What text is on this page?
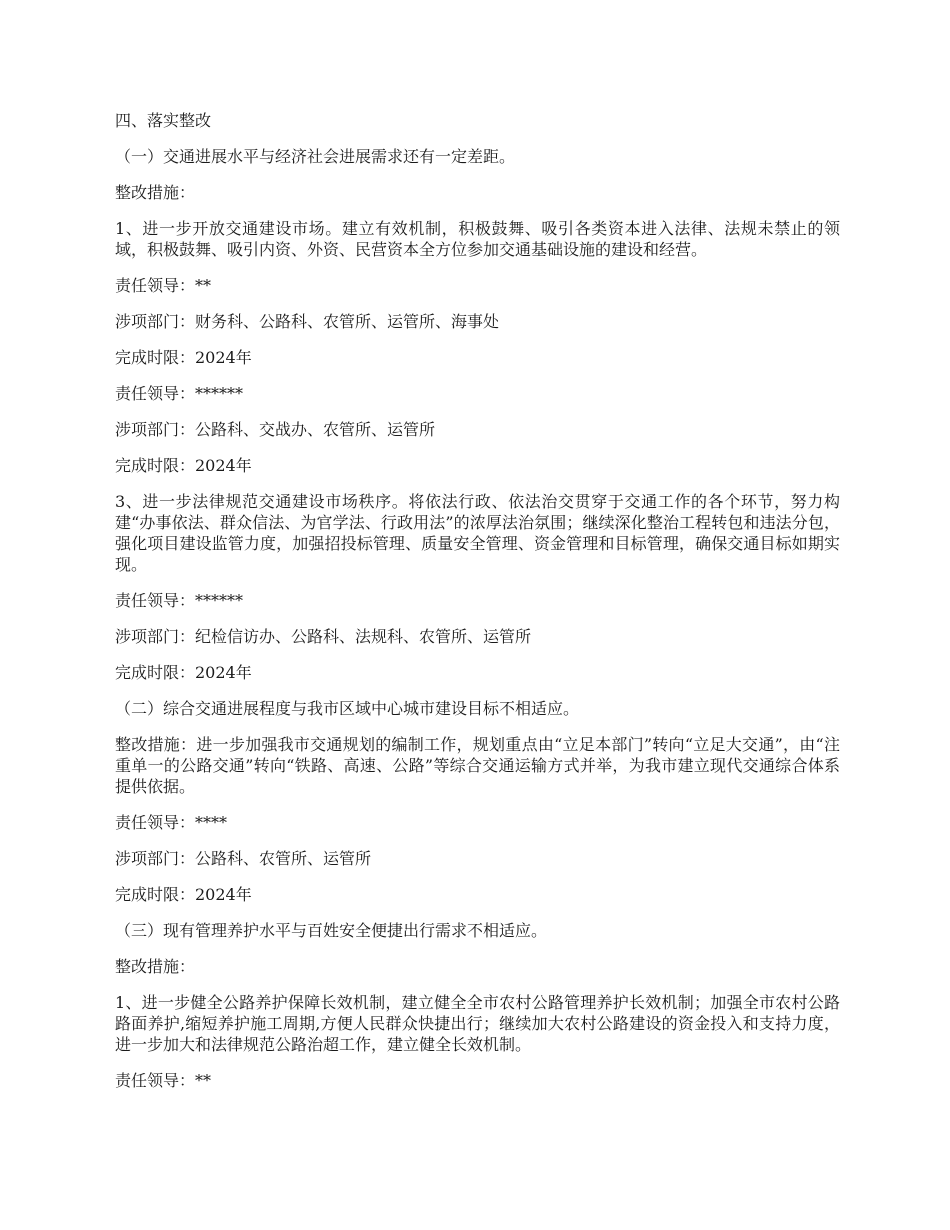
四、落实整改

（一）交通进展水平与经济社会进展需求还有一定差距。

整改措施：

1、进一步开放交通建设市场。建立有效机制，积极鼓舞、吸引各类资本进入法律、法规未禁止的领域，积极鼓舞、吸引内资、外资、民营资本全方位参加交通基础设施的建设和经营。

责任领导：**

涉项部门：财务科、公路科、农管所、运管所、海事处

完成时限：2024年

责任领导：******

涉项部门：公路科、交战办、农管所、运管所

完成时限：2024年

3、进一步法律规范交通建设市场秩序。将依法行政、依法治交贯穿于交通工作的各个环节，努力构建“办事依法、群众信法、为官学法、行政用法”的浓厚法治氛围；继续深化整治工程转包和违法分包，强化项目建设监管力度，加强招投标管理、质量安全管理、资金管理和目标管理，确保交通目标如期实现。

责任领导：******

涉项部门：纪检信访办、公路科、法规科、农管所、运管所

完成时限：2024年

（二）综合交通进展程度与我市区域中心城市建设目标不相适应。

整改措施：进一步加强我市交通规划的编制工作，规划重点由“立足本部门”转向“立足大交通”，由“注重单一的公路交通”转向“铁路、高速、公路”等综合交通运输方式并举，为我市建立现代交通综合体系提供依据。

责任领导：****

涉项部门：公路科、农管所、运管所

完成时限：2024年

（三）现有管理养护水平与百姓安全便捷出行需求不相适应。

整改措施：

1、进一步健全公路养护保障长效机制，建立健全全市农村公路管理养护长效机制；加强全市农村公路路面养护,缩短养护施工周期,方便人民群众快捷出行；继续加大农村公路建设的资金投入和支持力度，进一步加大和法律规范公路治超工作，建立健全长效机制。

责任领导：**
